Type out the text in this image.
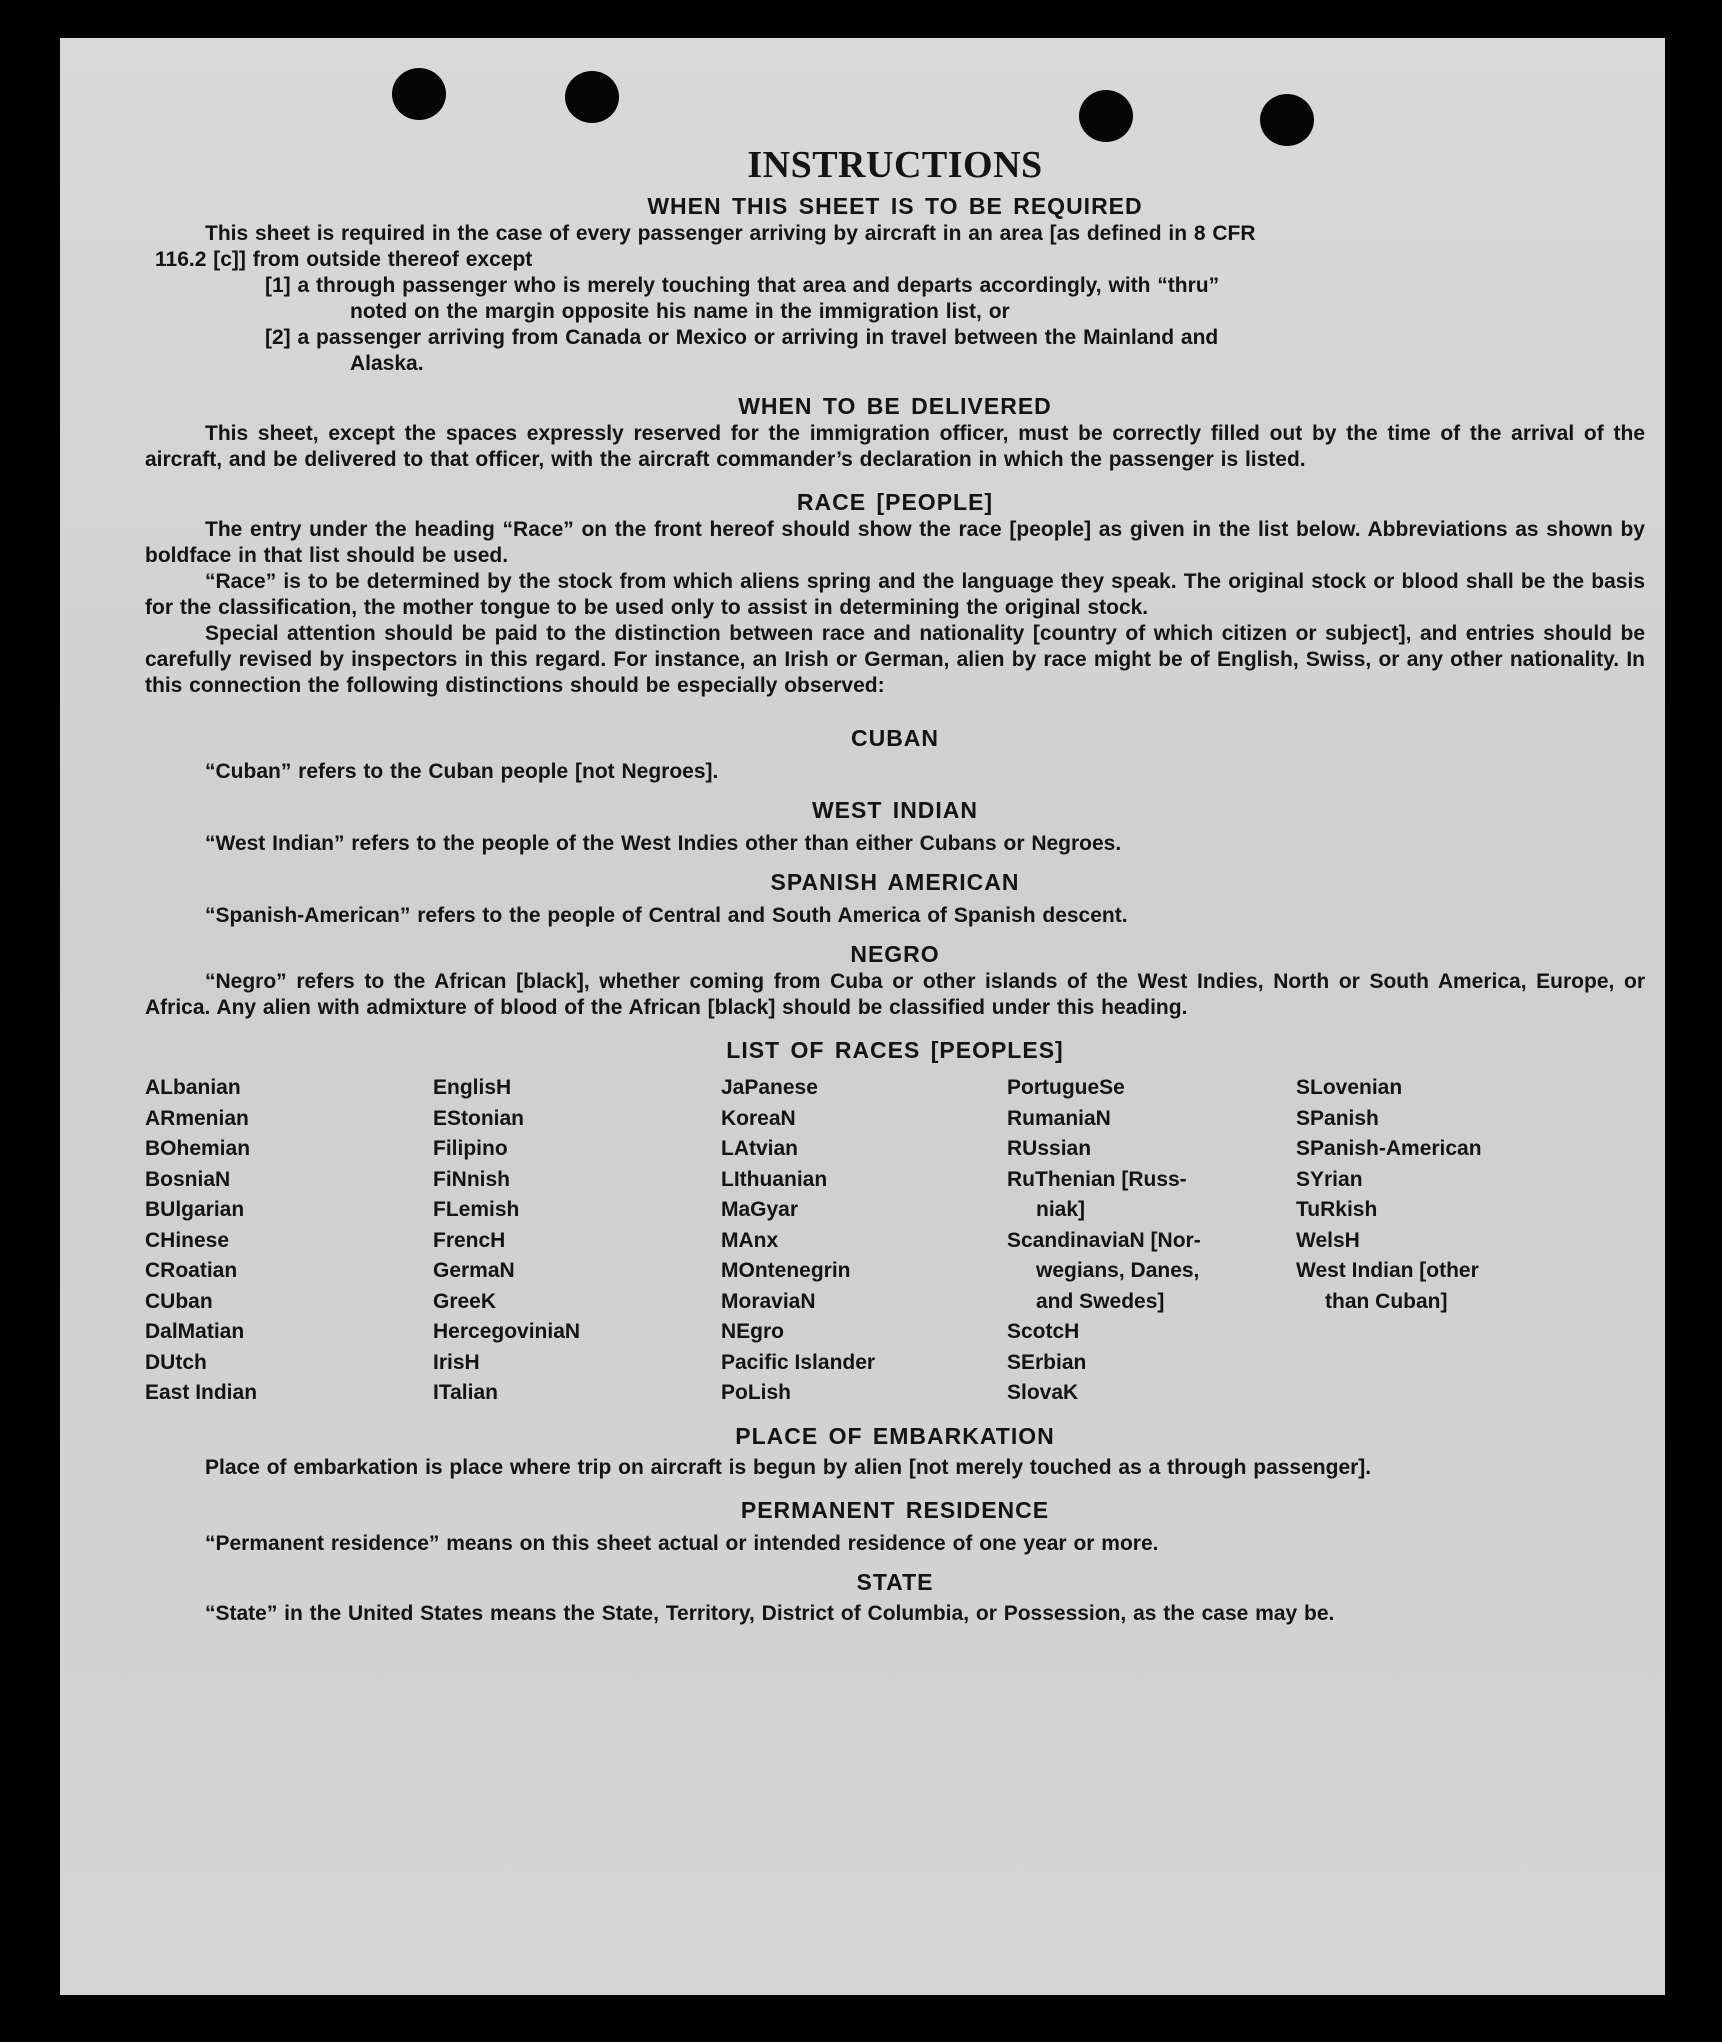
INSTRUCTIONS
WHEN THIS SHEET IS TO BE REQUIRED
This sheet is required in the case of every passenger arriving by aircraft in an area [as defined in 8 CFR
116.2 [c]] from outside thereof except
[1] a through passenger who is merely touching that area and departs accordingly, with “thru”
noted on the margin opposite his name in the immigration list, or
[2] a passenger arriving from Canada or Mexico or arriving in travel between the Mainland and
Alaska.
WHEN TO BE DELIVERED
This sheet, except the spaces expressly reserved for the immigration officer, must be correctly filled out by the time of the arrival of the aircraft, and be delivered to that officer, with the aircraft commander’s declaration in which the passenger is listed.
RACE [PEOPLE]
The entry under the heading “Race” on the front hereof should show the race [people] as given in the list below. Abbreviations as shown by boldface in that list should be used.
“Race” is to be determined by the stock from which aliens spring and the language they speak. The original stock or blood shall be the basis for the classification, the mother tongue to be used only to assist in determining the original stock.
Special attention should be paid to the distinction between race and nationality [country of which citizen or subject], and entries should be carefully revised by inspectors in this regard. For instance, an Irish or German, alien by race might be of English, Swiss, or any other nationality. In this connection the following distinctions should be especially observed:
CUBAN
“Cuban” refers to the Cuban people [not Negroes].
WEST INDIAN
“West Indian” refers to the people of the West Indies other than either Cubans or Negroes.
SPANISH AMERICAN
“Spanish-American” refers to the people of Central and South America of Spanish descent.
NEGRO
“Negro” refers to the African [black], whether coming from Cuba or other islands of the West Indies, North or South America, Europe, or Africa. Any alien with admixture of blood of the African [black] should be classified under this heading.
LIST OF RACES [PEOPLES]
ALbanian
ARmenian
BOhemian
BosniaN
BUlgarian
CHinese
CRoatian
CUban
DalMatian
DUtch
East Indian
EnglisH
EStonian
Filipino
FiNnish
FLemish
FrencH
GermaN
GreeK
HercegoviniaN
IrisH
ITalian
JaPanese
KoreaN
LAtvian
LIthuanian
MaGyar
MAnx
MOntenegrin
MoraviaN
NEgro
Pacific Islander
PoLish
PortugueSe
RumaniaN
RUssian
RuThenian [Russ-
niak]
ScandinaviaN [Nor-
wegians, Danes,
and Swedes]
ScotcH
SErbian
SlovaK
SLovenian
SPanish
SPanish-American
SYrian
TuRkish
WelsH
West Indian [other
than Cuban]
PLACE OF EMBARKATION
Place of embarkation is place where trip on aircraft is begun by alien [not merely touched as a through passenger].
PERMANENT RESIDENCE
“Permanent residence” means on this sheet actual or intended residence of one year or more.
STATE
“State” in the United States means the State, Territory, District of Columbia, or Possession, as the case may be.
